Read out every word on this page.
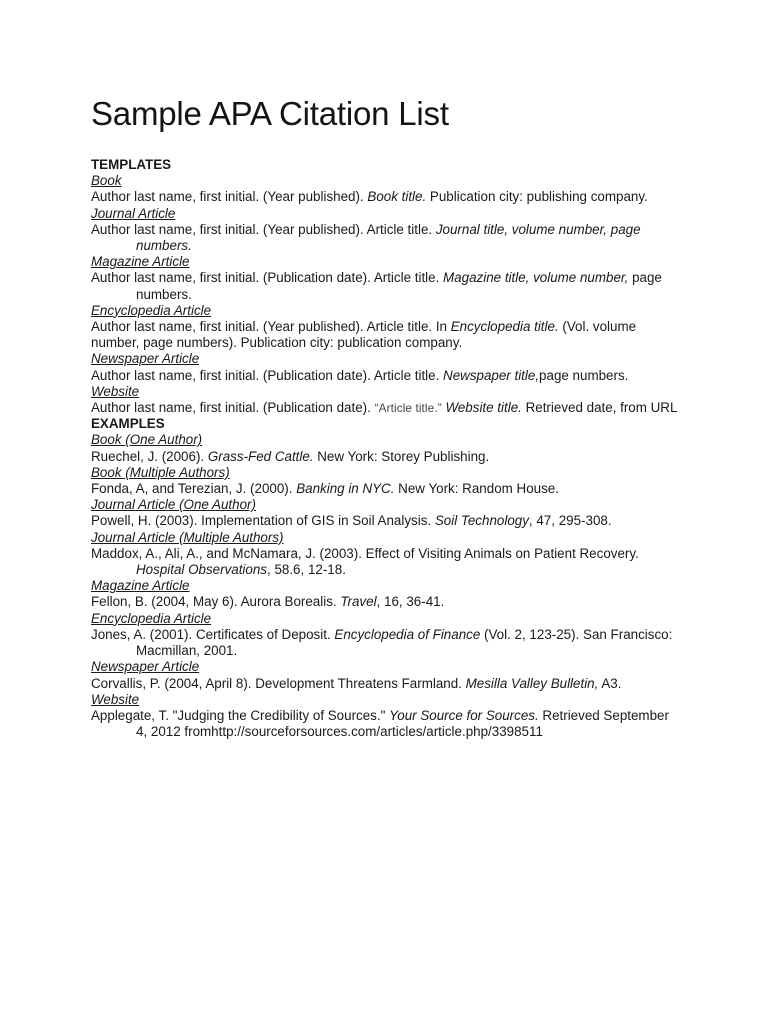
Sample APA Citation List
TEMPLATES
Book
Author last name, first initial. (Year published). Book title. Publication city: publishing company.
Journal Article
Author last name, first initial. (Year published). Article title. Journal title, volume number, page numbers.
Magazine Article
Author last name, first initial. (Publication date). Article title. Magazine title, volume number, page numbers.
Encyclopedia Article
Author last name, first initial. (Year published). Article title. In Encyclopedia title. (Vol. volume number, page numbers). Publication city: publication company.
Newspaper Article
Author last name, first initial. (Publication date). Article title. Newspaper title,page numbers.
Website
Author last name, first initial. (Publication date). “Article title.” Website title. Retrieved date, from URL
EXAMPLES
Book (One Author)
Ruechel, J. (2006). Grass-Fed Cattle. New York: Storey Publishing.
Book (Multiple Authors)
Fonda, A, and Terezian, J. (2000). Banking in NYC. New York: Random House.
Journal Article (One Author)
Powell, H. (2003). Implementation of GIS in Soil Analysis. Soil Technology, 47, 295-308.
Journal Article (Multiple Authors)
Maddox, A., Ali, A., and McNamara, J. (2003). Effect of Visiting Animals on Patient Recovery. Hospital Observations, 58.6, 12-18.
Magazine Article
Fellon, B. (2004, May 6). Aurora Borealis. Travel, 16, 36-41.
Encyclopedia Article
Jones, A. (2001). Certificates of Deposit. Encyclopedia of Finance (Vol. 2, 123-25). San Francisco: Macmillan, 2001.
Newspaper Article
Corvallis, P. (2004, April 8). Development Threatens Farmland. Mesilla Valley Bulletin, A3.
Website
Applegate, T. "Judging the Credibility of Sources." Your Source for Sources. Retrieved September 4, 2012 fromhttp://sourceforsources.com/articles/article.php/3398511
